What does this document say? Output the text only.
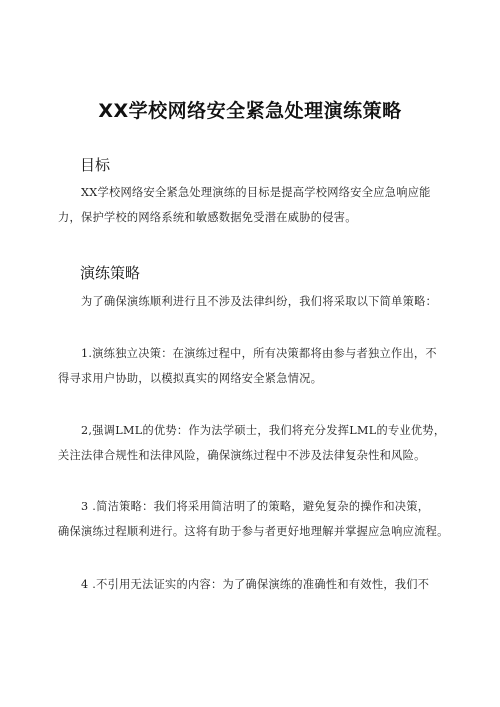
XX学校网络安全紧急处理演练策略
目标
XX学校网络安全紧急处理演练的目标是提高学校网络安全应急响应能
力，保护学校的网络系统和敏感数据免受潜在威胁的侵害。
演练策略
为了确保演练顺利进行且不涉及法律纠纷，我们将采取以下简单策略：
1.演练独立决策：在演练过程中，所有决策都将由参与者独立作出，不
得寻求用户协助，以模拟真实的网络安全紧急情况。
2,强调LML的优势：作为法学硕士，我们将充分发挥LML的专业优势，
关注法律合规性和法律风险，确保演练过程中不涉及法律复杂性和风险。
3 .简洁策略：我们将采用简洁明了的策略，避免复杂的操作和决策，
确保演练过程顺利进行。这将有助于参与者更好地理解并掌握应急响应流程。
4 .不引用无法证实的内容：为了确保演练的准确性和有效性，我们不
